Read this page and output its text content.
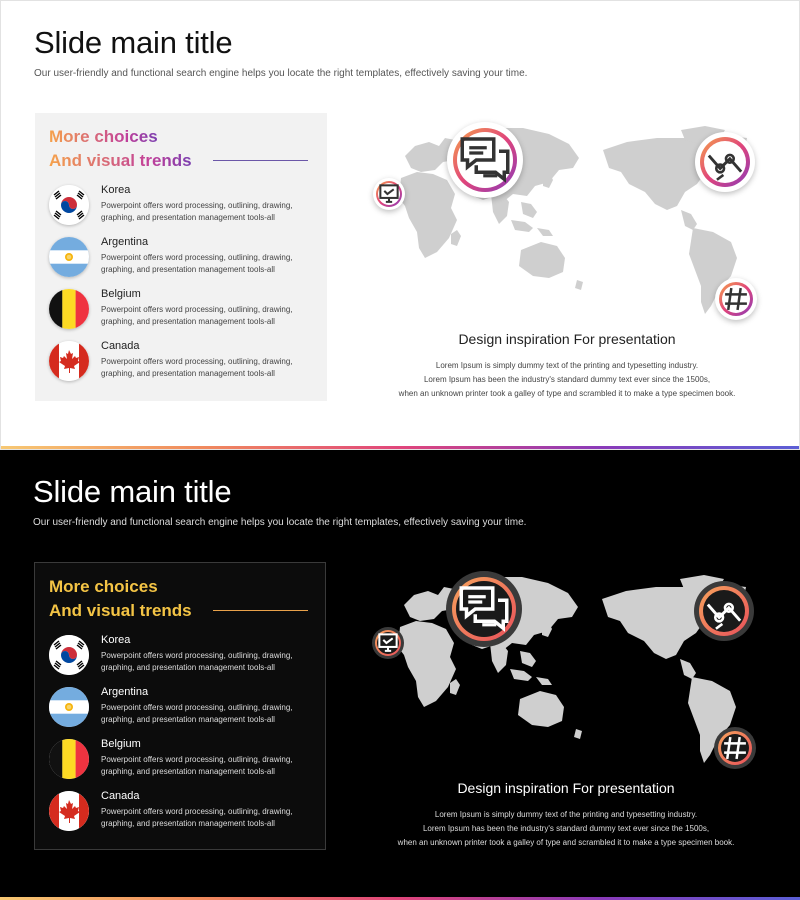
Slide main title
Our user-friendly and functional search engine helps you locate the right templates, effectively saving your time.
More choices
And visual trends
Korea
Powerpoint offers word processing, outlining, drawing,
graphing, and presentation management tools-all
Argentina
Powerpoint offers word processing, outlining, drawing,
graphing, and presentation management tools-all
Belgium
Powerpoint offers word processing, outlining, drawing,
graphing, and presentation management tools-all
Canada
Powerpoint offers word processing, outlining, drawing,
graphing, and presentation management tools-all
Design inspiration For presentation
Lorem Ipsum is simply dummy text of the printing and typesetting industry.
Lorem Ipsum has been the industry's standard dummy text ever since the 1500s,
when an unknown printer took a galley of type and scrambled it to make a type specimen book.
Slide main title
Our user-friendly and functional search engine helps you locate the right templates, effectively saving your time.
More choices
And visual trends
Korea
Powerpoint offers word processing, outlining, drawing,
graphing, and presentation management tools-all
Argentina
Powerpoint offers word processing, outlining, drawing,
graphing, and presentation management tools-all
Belgium
Powerpoint offers word processing, outlining, drawing,
graphing, and presentation management tools-all
Canada
Powerpoint offers word processing, outlining, drawing,
graphing, and presentation management tools-all
Design inspiration For presentation
Lorem Ipsum is simply dummy text of the printing and typesetting industry.
Lorem Ipsum has been the industry's standard dummy text ever since the 1500s,
when an unknown printer took a galley of type and scrambled it to make a type specimen book.
